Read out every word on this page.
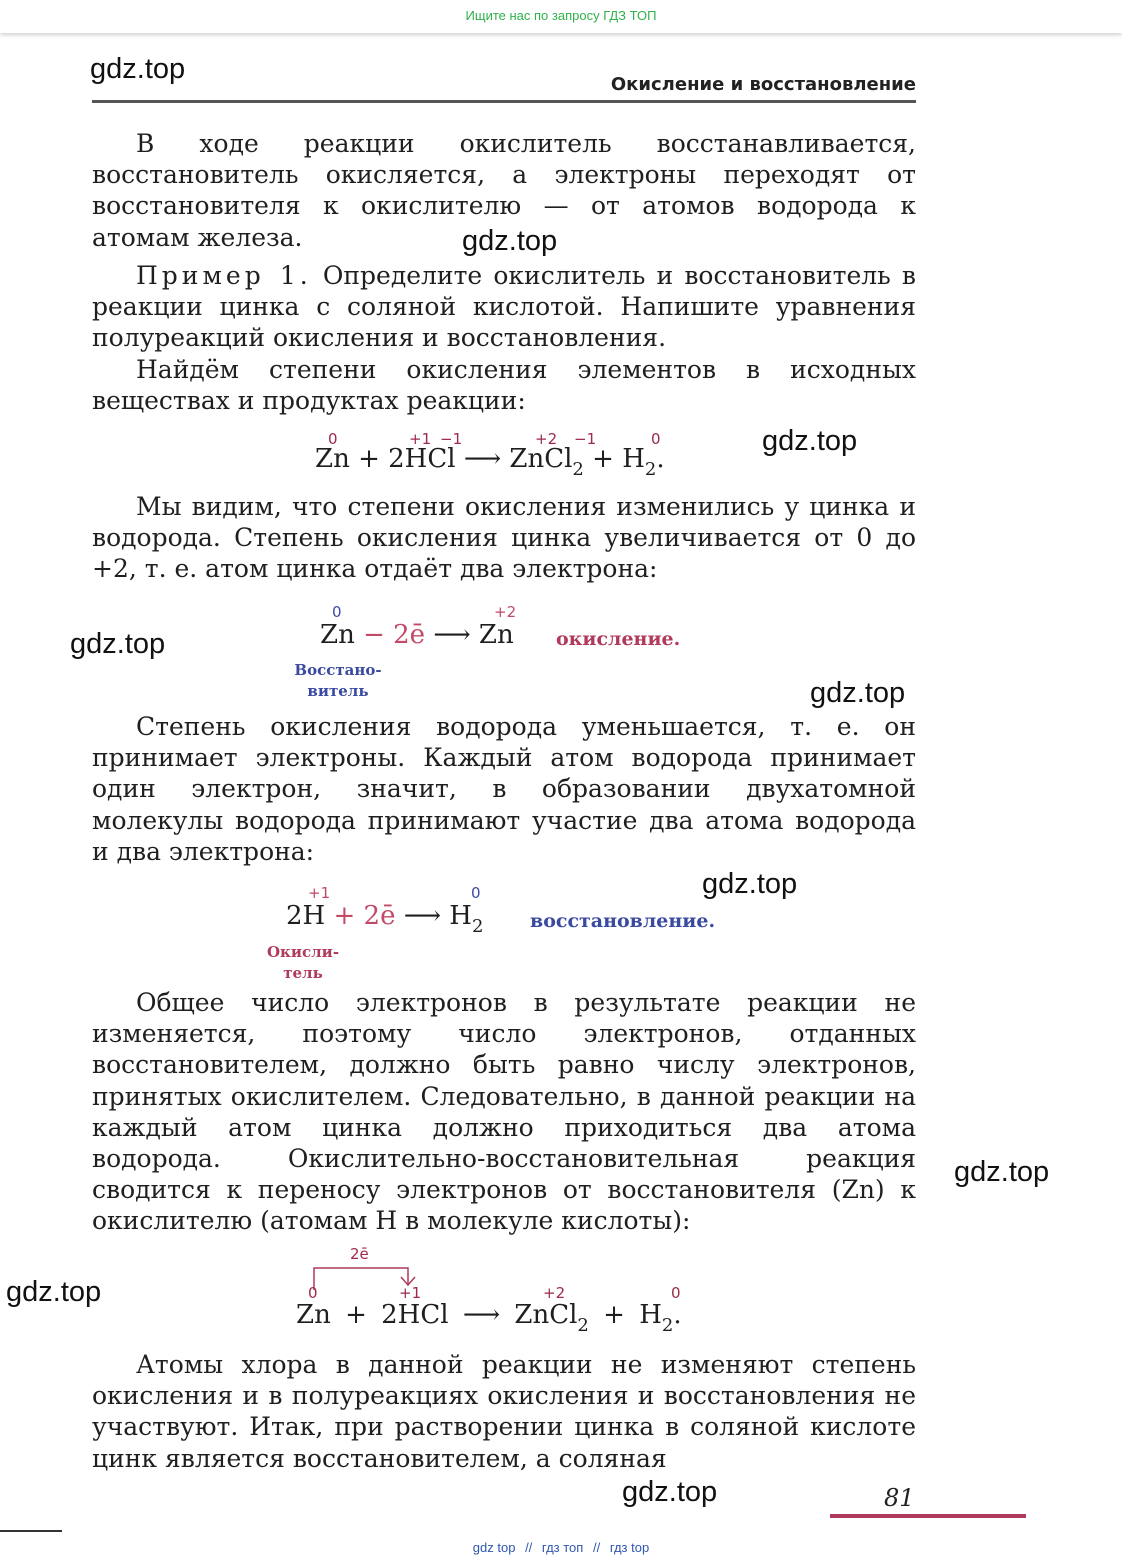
Ищите нас по запросу ГДЗ ТОП
gdz.top
gdz.top
gdz.top
gdz.top
gdz.top
gdz.top
gdz.top
gdz.top
gdz.top
Окисление и восстановление

В ходе реакции окислитель восстанавливается, восстановитель окисляется, а электроны переходят от восстановителя к окислителю — от атомов водорода к атомам железа.

Пример 1. Определите окислитель и восстановитель в реакции цинка с соляной кислотой. Напишите уравнения полуреакций окисления и восстановления.

Найдём степени окисления элементов в исходных веществах и продуктах реакции:

0	+1 −1	+2 −1	0
Zn + 2HCl ⟶ ZnCl$_2$ + $H_2$.

Мы видим, что степени окисления изменились у цинка и водорода. Степень окисления цинка увеличивается от 0 до +2, т. е. атом цинка отдаёт два электрона:

0	+2
Zn − 2ē ⟶ Zn окисление.
Восстано-
витель

Степень окисления водорода уменьшается, т. е. он принимает электроны. Каждый атом водорода принимает один электрон, значит, в образовании двухатомной молекулы водорода принимают участие два атома водорода и два электрона:

+1	0
2H + 2ē ⟶ $H_2$ восстановление.
Окисли-
тель

Общее число электронов в результате реакции не изменяется, поэтому число электронов, отданных восстановителем, должно быть равно числу электронов, принятых окислителем. Следовательно, в данной реакции на каждый атом цинка должно приходиться два атома водорода. Окислительно-восстановительная реакция сводится к переносу электронов от восстановителя (Zn) к окислителю (атомам H в молекуле кислоты):

2ē
0	+1	+2	0
Zn + 2HCl ⟶ ZnCl$_2$ + $H_2$.

Атомы хлора в данной реакции не изменяют степень окисления и в полуреакциях окисления и восстановления не участвуют. Итак, при растворении цинка в соляной кислоте цинк является восстановителем, а соляная

81
gdz top // гдз топ // гдз top
